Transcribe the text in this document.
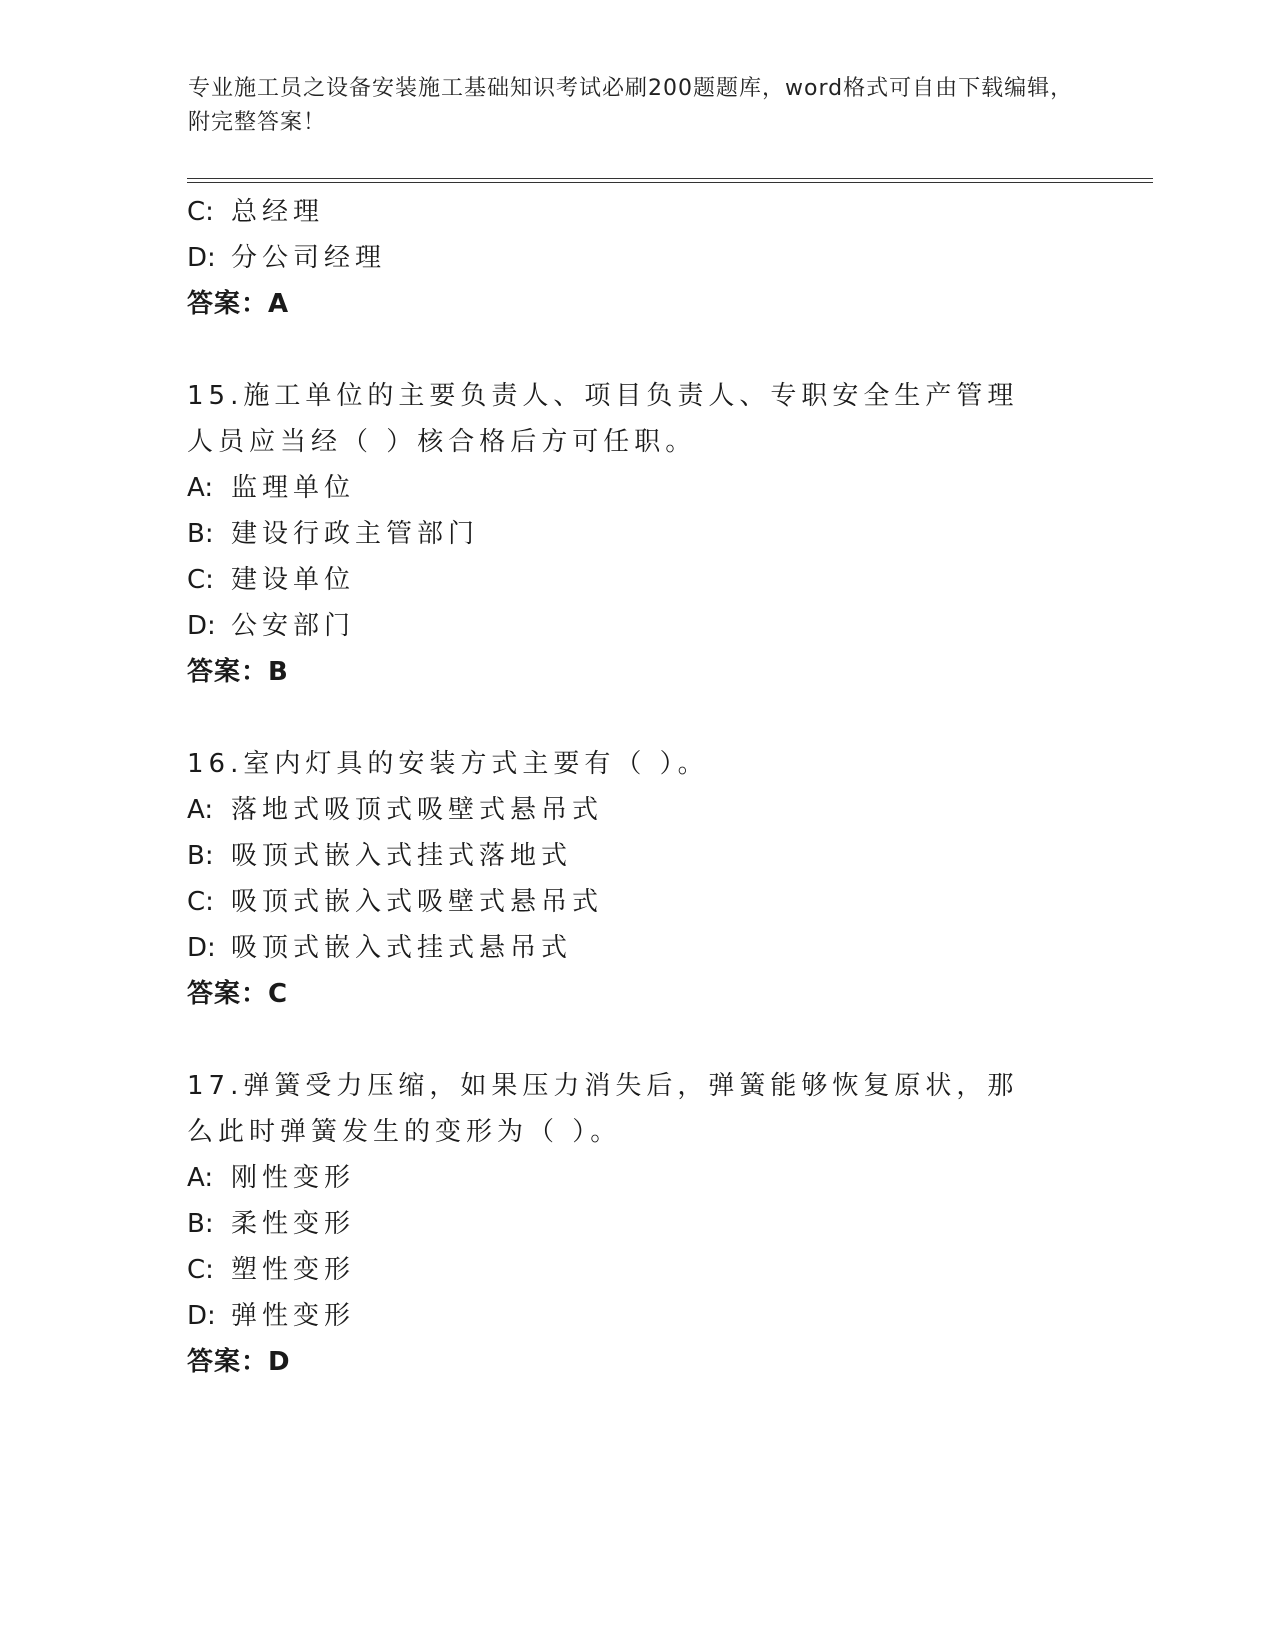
专业施工员之设备安装施工基础知识考试必刷200题题库，word格式可自由下载编辑，附完整答案！
C: 总经理
D: 分公司经理
答案：A
15.施工单位的主要负责人、项目负责人、专职安全生产管理人员应当经（ ）核合格后方可任职。
A: 监理单位
B: 建设行政主管部门
C: 建设单位
D: 公安部门
答案：B
16.室内灯具的安装方式主要有（ ）。
A: 落地式吸顶式吸壁式悬吊式
B: 吸顶式嵌入式挂式落地式
C: 吸顶式嵌入式吸壁式悬吊式
D: 吸顶式嵌入式挂式悬吊式
答案：C
17.弹簧受力压缩，如果压力消失后，弹簧能够恢复原状，那么此时弹簧发生的变形为（ ）。
A: 刚性变形
B: 柔性变形
C: 塑性变形
D: 弹性变形
答案：D
